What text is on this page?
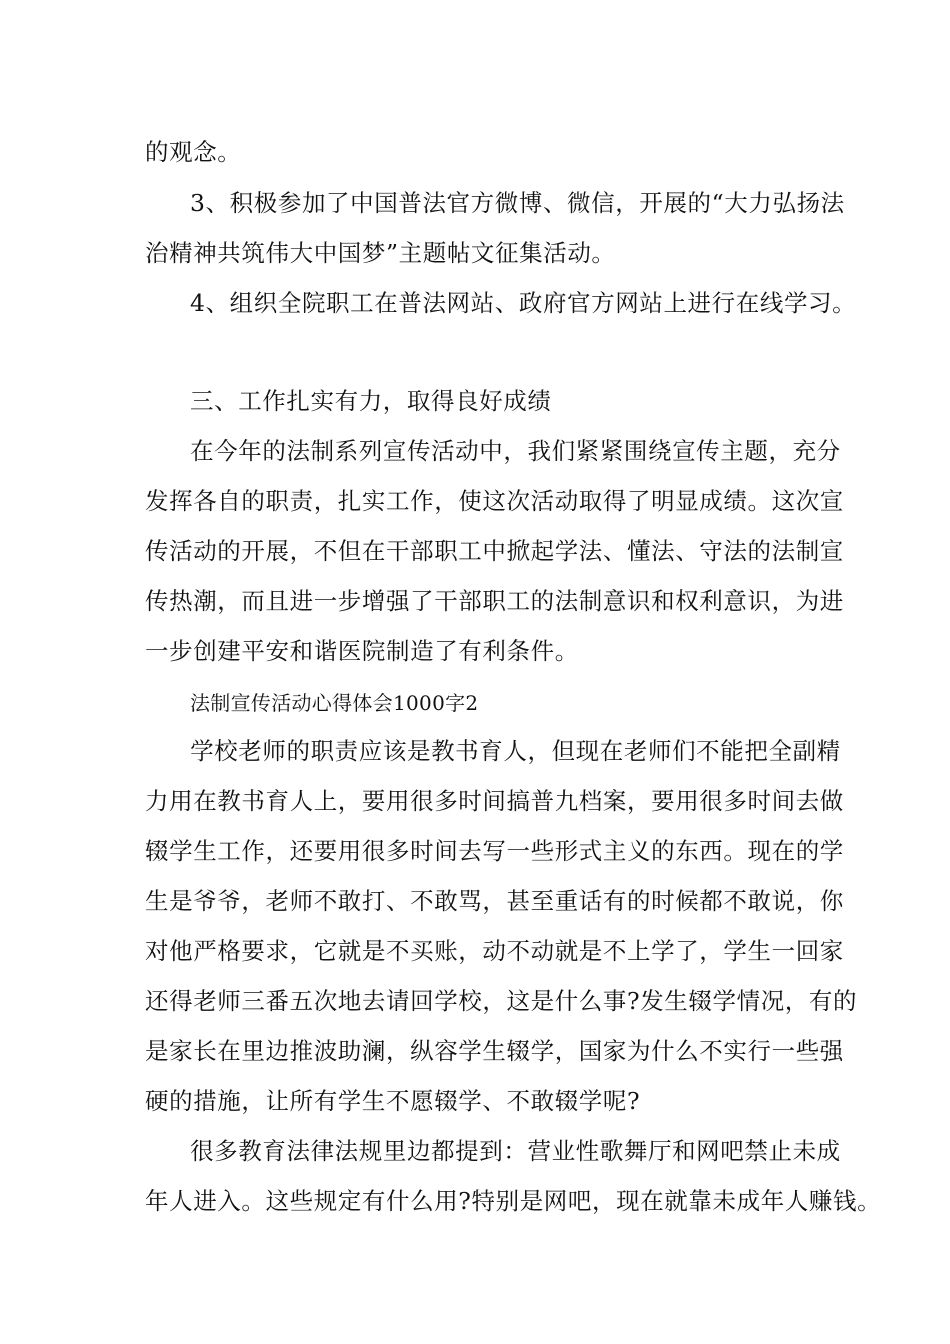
的观念。
3、积极参加了中国普法官方微博、微信，开展的“大力弘扬法
治精神共筑伟大中国梦”主题帖文征集活动。
4、组织全院职工在普法网站、政府官方网站上进行在线学习。
三、工作扎实有力，取得良好成绩
在今年的法制系列宣传活动中，我们紧紧围绕宣传主题，充分
发挥各自的职责，扎实工作，使这次活动取得了明显成绩。这次宣
传活动的开展，不但在干部职工中掀起学法、懂法、守法的法制宣
传热潮，而且进一步增强了干部职工的法制意识和权利意识，为进
一步创建平安和谐医院制造了有利条件。
法制宣传活动心得体会1000字2
学校老师的职责应该是教书育人，但现在老师们不能把全副精
力用在教书育人上，要用很多时间搞普九档案，要用很多时间去做
辍学生工作，还要用很多时间去写一些形式主义的东西。现在的学
生是爷爷，老师不敢打、不敢骂，甚至重话有的时候都不敢说，你
对他严格要求，它就是不买账，动不动就是不上学了，学生一回家
还得老师三番五次地去请回学校，这是什么事?发生辍学情况，有的
是家长在里边推波助澜，纵容学生辍学，国家为什么不实行一些强
硬的措施，让所有学生不愿辍学、不敢辍学呢?
很多教育法律法规里边都提到：营业性歌舞厅和网吧禁止未成
年人进入。这些规定有什么用?特别是网吧，现在就靠未成年人赚钱。
